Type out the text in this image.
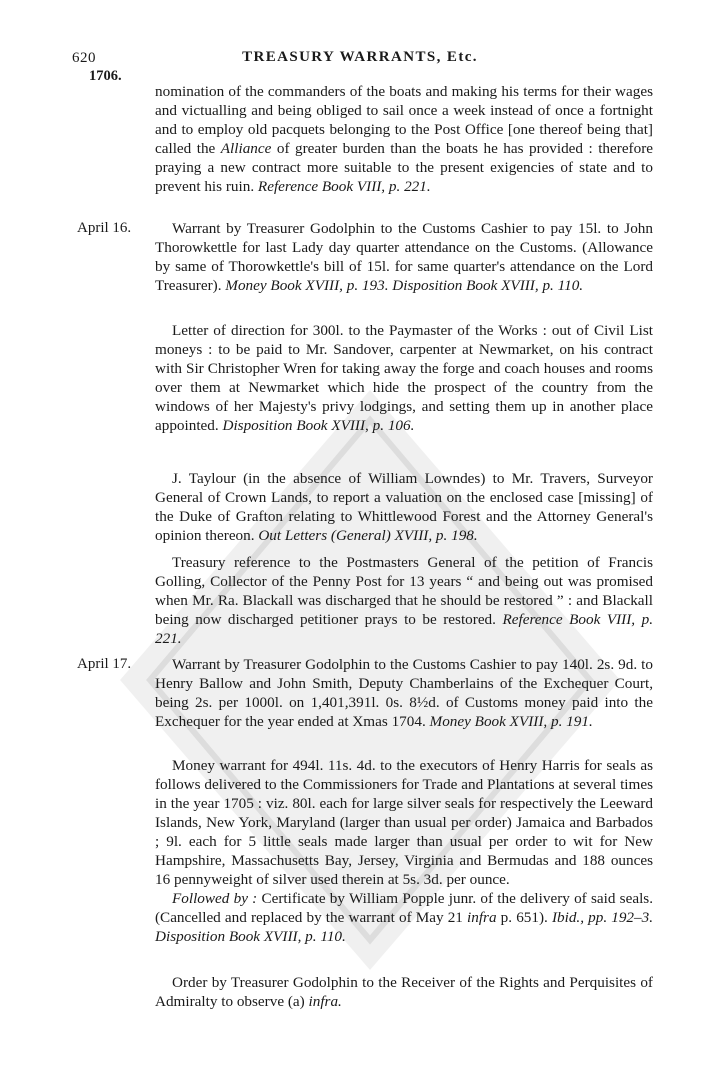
620	TREASURY WARRANTS, Etc.
1706.

nomination of the commanders of the boats and making his terms for their wages and victualling and being obliged to sail once a week instead of once a fortnight and to employ old pacquets belonging to the Post Office [one thereof being that] called the Alliance of greater burden than the boats he has provided : therefore praying a new contract more suitable to the present exigencies of state and to prevent his ruin. Reference Book VIII, p. 221.

April 16.	Warrant by Treasurer Godolphin to the Customs Cashier to pay 15l. to John Thorowkettle for last Lady day quarter attendance on the Customs. (Allowance by same of Thorowkettle's bill of 15l. for same quarter's attendance on the Lord Treasurer). Money Book XVIII, p. 193. Disposition Book XVIII, p. 110.

Letter of direction for 300l. to the Paymaster of the Works : out of Civil List moneys : to be paid to Mr. Sandover, carpenter at Newmarket, on his contract with Sir Christopher Wren for taking away the forge and coach houses and rooms over them at Newmarket which hide the prospect of the country from the windows of her Majesty's privy lodgings, and setting them up in another place appointed. Disposition Book XVIII, p. 106.

J. Taylour (in the absence of William Lowndes) to Mr. Travers, Surveyor General of Crown Lands, to report a valuation on the enclosed case [missing] of the Duke of Grafton relating to Whittlewood Forest and the Attorney General's opinion thereon. Out Letters (General) XVIII, p. 198.

Treasury reference to the Postmasters General of the petition of Francis Golling, Collector of the Penny Post for 13 years “ and being out was promised when Mr. Ra. Blackall was discharged that he should be restored ” : and Blackall being now discharged petitioner prays to be restored. Reference Book VIII, p. 221.

April 17.	Warrant by Treasurer Godolphin to the Customs Cashier to pay 140l. 2s. 9d. to Henry Ballow and John Smith, Deputy Chamberlains of the Exchequer Court, being 2s. per 1000l. on 1,401,391l. 0s. 8½d. of Customs money paid into the Exchequer for the year ended at Xmas 1704. Money Book XVIII, p. 191.

Money warrant for 494l. 11s. 4d. to the executors of Henry Harris for seals as follows delivered to the Commissioners for Trade and Plantations at several times in the year 1705 : viz. 80l. each for large silver seals for respectively the Leeward Islands, New York, Maryland (larger than usual per order) Jamaica and Barbados ; 9l. each for 5 little seals made larger than usual per order to wit for New Hampshire, Massachusetts Bay, Jersey, Virginia and Bermudas and 188 ounces 16 pennyweight of silver used therein at 5s. 3d. per ounce.

Followed by : Certificate by William Popple junr. of the delivery of said seals. (Cancelled and replaced by the warrant of May 21 infra p. 651). Ibid., pp. 192–3. Disposition Book XVIII, p. 110.

Order by Treasurer Godolphin to the Receiver of the Rights and Perquisites of Admiralty to observe (a) infra.
